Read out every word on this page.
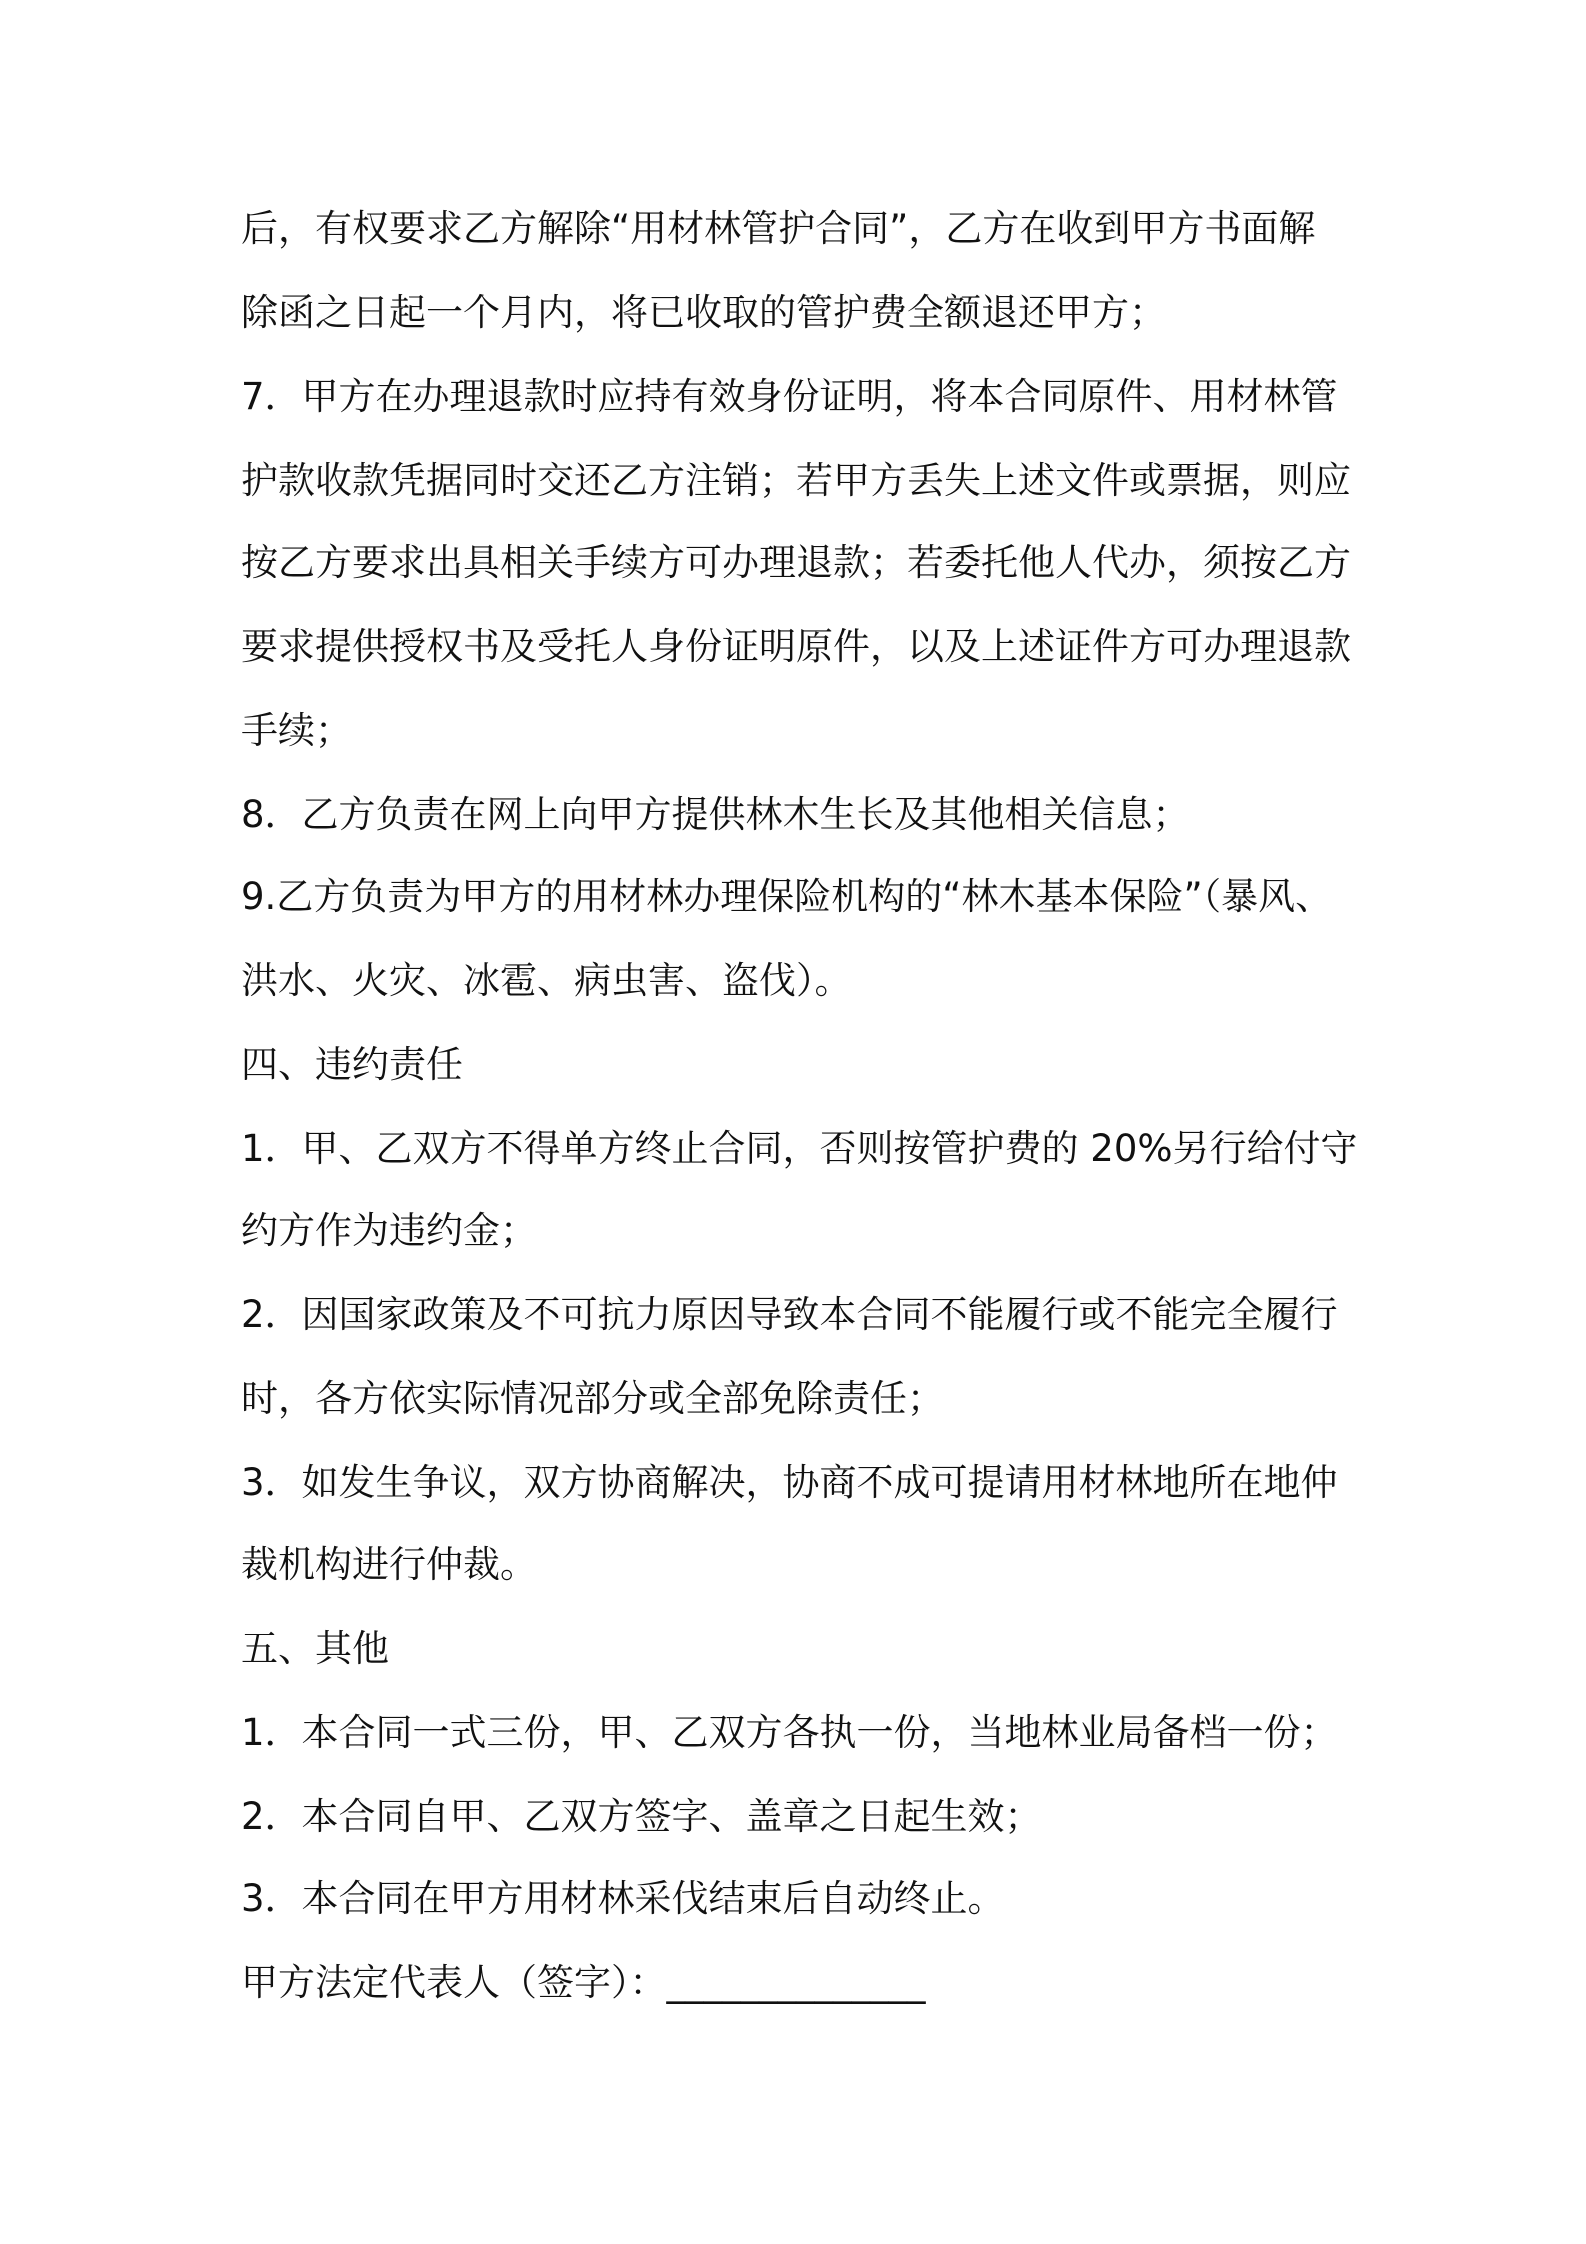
后，有权要求乙方解除“用材林管护合同”，乙方在收到甲方书面解
除函之日起一个月内，将已收取的管护费全额退还甲方；
7．甲方在办理退款时应持有效身份证明，将本合同原件、用材林管
护款收款凭据同时交还乙方注销；若甲方丢失上述文件或票据，则应
按乙方要求出具相关手续方可办理退款；若委托他人代办，须按乙方
要求提供授权书及受托人身份证明原件，以及上述证件方可办理退款
手续；
8．乙方负责在网上向甲方提供林木生长及其他相关信息；
9.乙方负责为甲方的用材林办理保险机构的“林木基本保险”（暴风、
洪水、火灾、冰雹、病虫害、盗伐）。
四、违约责任
1．甲、乙双方不得单方终止合同，否则按管护费的 20%另行给付守
约方作为违约金；
2．因国家政策及不可抗力原因导致本合同不能履行或不能完全履行
时，各方依实际情况部分或全部免除责任；
3．如发生争议，双方协商解决，协商不成可提请用材林地所在地仲
裁机构进行仲裁。
五、其他
1．本合同一式三份，甲、乙双方各执一份，当地林业局备档一份；
2．本合同自甲、乙双方签字、盖章之日起生效；
3．本合同在甲方用材林采伐结束后自动终止。
甲方法定代表人（签字）：______________
